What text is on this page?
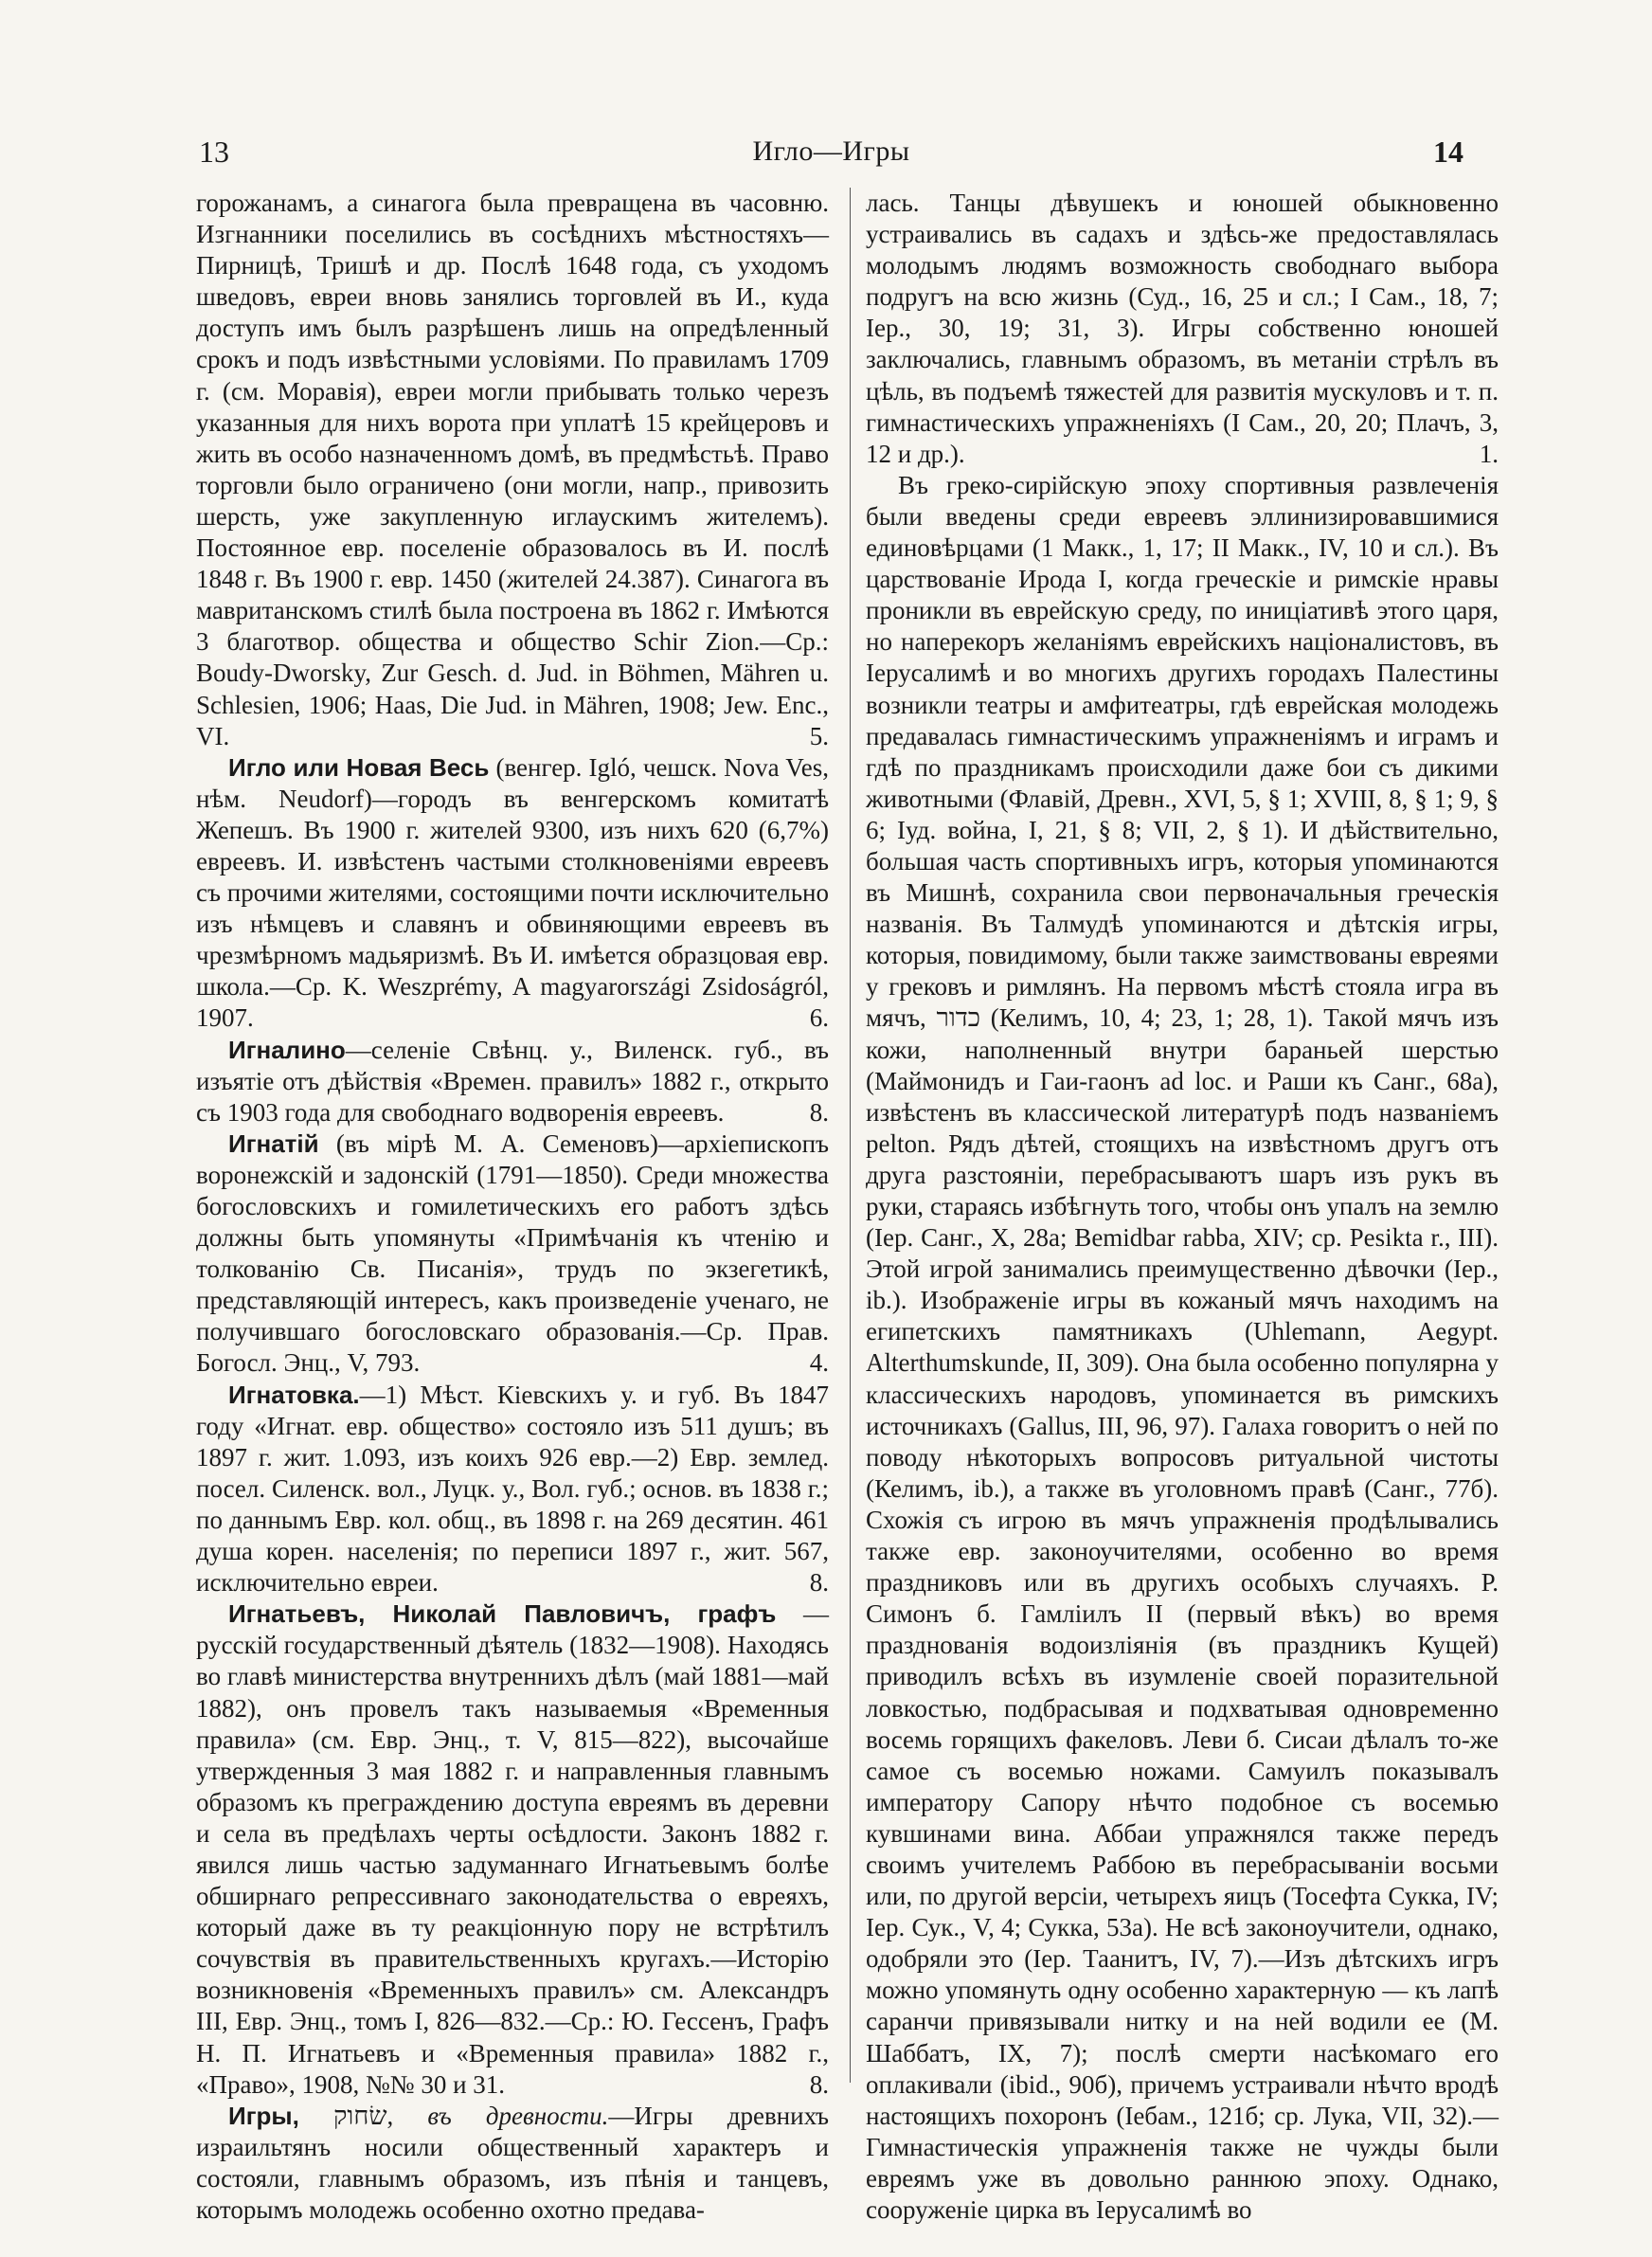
13	Игло—Игры	14

горожанамъ, а синагога была превращена въ часовню. Изгнанники поселились въ сосѣднихъ мѣстностяхъ—Пирницѣ, Тришѣ и др. Послѣ 1648 года, съ уходомъ шведовъ, евреи вновь занялись торговлей въ И., куда доступъ имъ былъ разрѣшенъ лишь на опредѣленный срокъ и подъ извѣстными условіями. По правиламъ 1709 г. (см. Моравія), евреи могли прибывать только черезъ указанныя для нихъ ворота при уплатѣ 15 крейцеровъ и жить въ особо назначенномъ домѣ, въ предмѣстьѣ. Право торговли было ограничено (они могли, напр., привозить шерсть, уже закупленную иглаускимъ жителемъ). Постоянное евр. поселеніе образовалось въ И. послѣ 1848 г. Въ 1900 г. евр. 1450 (жителей 24.387). Синагога въ мавританскомъ стилѣ была построена въ 1862 г. Имѣются 3 благотвор. общества и общество Schir Zion.—Ср.: Boudy-Dworsky, Zur Gesch. d. Jud. in Böhmen, Mähren u. Schlesien, 1906; Haas, Die Jud. in Mähren, 1908; Jew. Enc., VI.	5.

Игло или Новая Весь (венгер. Igló, чешск. Nova Ves, нѣм. Neudorf)—городъ въ венгерскомъ комитатѣ Жепешъ. Въ 1900 г. жителей 9300, изъ нихъ 620 (6,7%) евреевъ. И. извѣстенъ частыми столкновеніями евреевъ съ прочими жителями, состоящими почти исключительно изъ нѣмцевъ и славянъ и обвиняющими евреевъ въ чрезмѣрномъ мадьяризмѣ. Въ И. имѣется образцовая евр. школа.—Ср. K. Weszprémy, A magyarországi Zsidoságról, 1907.	6.

Игналино—селеніе Свѣнц. у., Виленск. губ., въ изъятіе отъ дѣйствія «Времен. правилъ» 1882 г., открыто съ 1903 года для свободнаго водворенія евреевъ.	8.

Игнатій (въ мірѣ М. А. Семеновъ)—архіепископъ воронежскій и задонскій (1791—1850). Среди множества богословскихъ и гомилетическихъ его работъ здѣсь должны быть упомянуты «Примѣчанія къ чтенію и толкованію Св. Писанія», трудъ по экзегетикѣ, представляющій интересъ, какъ произведеніе ученаго, не получившаго богословскаго образованія.—Ср. Прав. Богосл. Энц., V, 793.	4.

Игнатовка.—1) Мѣст. Кіевскихъ у. и губ. Въ 1847 году «Игнат. евр. общество» состояло изъ 511 душъ; въ 1897 г. жит. 1.093, изъ коихъ 926 евр.—2) Евр. землед. посел. Силенск. вол., Луцк. у., Вол. губ.; основ. въ 1838 г.; по даннымъ Евр. кол. общ., въ 1898 г. на 269 десятин. 461 душа корен. населенія; по переписи 1897 г., жит. 567, исключительно евреи.	8.

Игнатьевъ, Николай Павловичъ, графъ — русскій государственный дѣятель (1832—1908). Находясь во главѣ министерства внутреннихъ дѣлъ (май 1881—май 1882), онъ провелъ такъ называемыя «Временныя правила» (см. Евр. Энц., т. V, 815—822), высочайше утвержденныя 3 мая 1882 г. и направленныя главнымъ образомъ къ преграждению доступа евреямъ въ деревни и села въ предѣлахъ черты осѣдлости. Законъ 1882 г. явился лишь частью задуманнаго Игнатьевымъ болѣе обширнаго репрессивнаго законодательства о евреяхъ, который даже въ ту реакціонную пору не встрѣтилъ сочувствія въ правительственныхъ кругахъ.—Исторію возникновенія «Временныхъ правилъ» см. Александръ III, Евр. Энц., томъ I, 826—832.—Ср.: Ю. Гессенъ, Графъ Н. П. Игнатьевъ и «Временныя правила» 1882 г., «Право», 1908, №№ 30 и 31.	8.

Игры, שׂחוק, въ древности.—Игры древнихъ израильтянъ носили общественный характеръ и состояли, главнымъ образомъ, изъ пѣнія и танцевъ, которымъ молодежь особенно охотно предава-

лась. Танцы дѣвушекъ и юношей обыкновенно устраивались въ садахъ и здѣсь-же предоставлялась молодымъ людямъ возможность свободнаго выбора подругъ на всю жизнь (Суд., 16, 25 и сл.; I Сам., 18, 7; Iep., 30, 19; 31, 3). Игры собственно юношей заключались, главнымъ образомъ, въ метаніи стрѣлъ въ цѣль, въ подъемѣ тяжестей для развитія мускуловъ и т. п. гимнастическихъ упражненіяхъ (I Сам., 20, 20; Плачъ, 3, 12 и др.).	1.

Въ греко-сирійскую эпоху спортивныя развлеченія были введены среди евреевъ эллинизировавшимися единовѣрцами (1 Макк., 1, 17; II Макк., IV, 10 и сл.). Въ царствованіе Ирода I, когда греческіе и римскіе нравы проникли въ еврейскую среду, по иниціативѣ этого царя, но наперекоръ желаніямъ еврейскихъ націоналистовъ, въ Іерусалимѣ и во многихъ другихъ городахъ Палестины возникли театры и амфитеатры, гдѣ еврейская молодежь предавалась гимнастическимъ упражненіямъ и играмъ и гдѣ по праздникамъ происходили даже бои съ дикими животными (Флавій, Древн., XVI, 5, § 1; XVIII, 8, § 1; 9, § 6; Іуд. война, I, 21, § 8; VII, 2, § 1). И дѣйствительно, большая часть спортивныхъ игръ, которыя упоминаются въ Мишнѣ, сохранила свои первоначальныя греческія названія. Въ Талмудѣ упоминаются и дѣтскія игры, которыя, повидимому, были также заимствованы евреями у грековъ и римлянъ. На первомъ мѣстѣ стояла игра въ мячъ, כדור (Келимъ, 10, 4; 23, 1; 28, 1). Такой мячъ изъ кожи, наполненный внутри бараньей шерстью (Маймонидъ и Гаи-гаонъ ad loc. и Раши къ Санг., 68а), извѣстенъ въ классической литературѣ подъ названіемъ pelton. Рядъ дѣтей, стоящихъ на извѣстномъ другъ отъ друга разстояніи, перебрасываютъ шаръ изъ рукъ въ руки, стараясь избѣгнуть того, чтобы онъ упалъ на землю (Іер. Санг., X, 28а; Bemidbar rabba, XIV; ср. Pesikta r., III). Этой игрой занимались преимущественно дѣвочки (Іер., ib.). Изображеніе игры въ кожаный мячъ находимъ на египетскихъ памятникахъ (Uhlemann, Aegypt. Alterthumskunde, II, 309). Она была особенно популярна у классическихъ народовъ, упоминается въ римскихъ источникахъ (Gallus, III, 96, 97). Галаха говоритъ о ней по поводу нѣкоторыхъ вопросовъ ритуальной чистоты (Келимъ, ib.), а также въ уголовномъ правѣ (Санг., 77б). Схожія съ игрою въ мячъ упражненія продѣлывались также евр. законоучителями, особенно во время праздниковъ или въ другихъ особыхъ случаяхъ. Р. Симонъ б. Гамліилъ II (первый вѣкъ) во время празднованія водоизліянія (въ праздникъ Кущей) приводилъ всѣхъ въ изумленіе своей поразительной ловкостью, подбрасывая и подхватывая одновременно восемь горящихъ факеловъ. Леви б. Сисаи дѣлалъ то-же самое съ восемью ножами. Самуилъ показывалъ императору Сапору нѣчто подобное съ восемью кувшинами вина. Аббаи упражнялся также передъ своимъ учителемъ Раббою въ перебрасываніи восьми или, по другой версіи, четырехъ яицъ (Тосефта Сукка, IV; Іер. Сук., V, 4; Сукка, 53а). Не всѣ законоучители, однако, одобряли это (Іер. Таанитъ, IV, 7).—Изъ дѣтскихъ игръ можно упомянуть одну особенно характерную — къ лапѣ саранчи привязывали нитку и на ней водили ее (М. Шаббатъ, IX, 7); послѣ смерти насѣкомаго его оплакивали (ibid., 90б), причемъ устраивали нѣчто вродѣ настоящихъ похоронъ (Іебам., 121б; ср. Лука, VII, 32).—Гимнастическія упражненія также не чужды были евреямъ уже въ довольно раннюю эпоху. Однако, сооруженіе цирка въ Іерусалимѣ во
